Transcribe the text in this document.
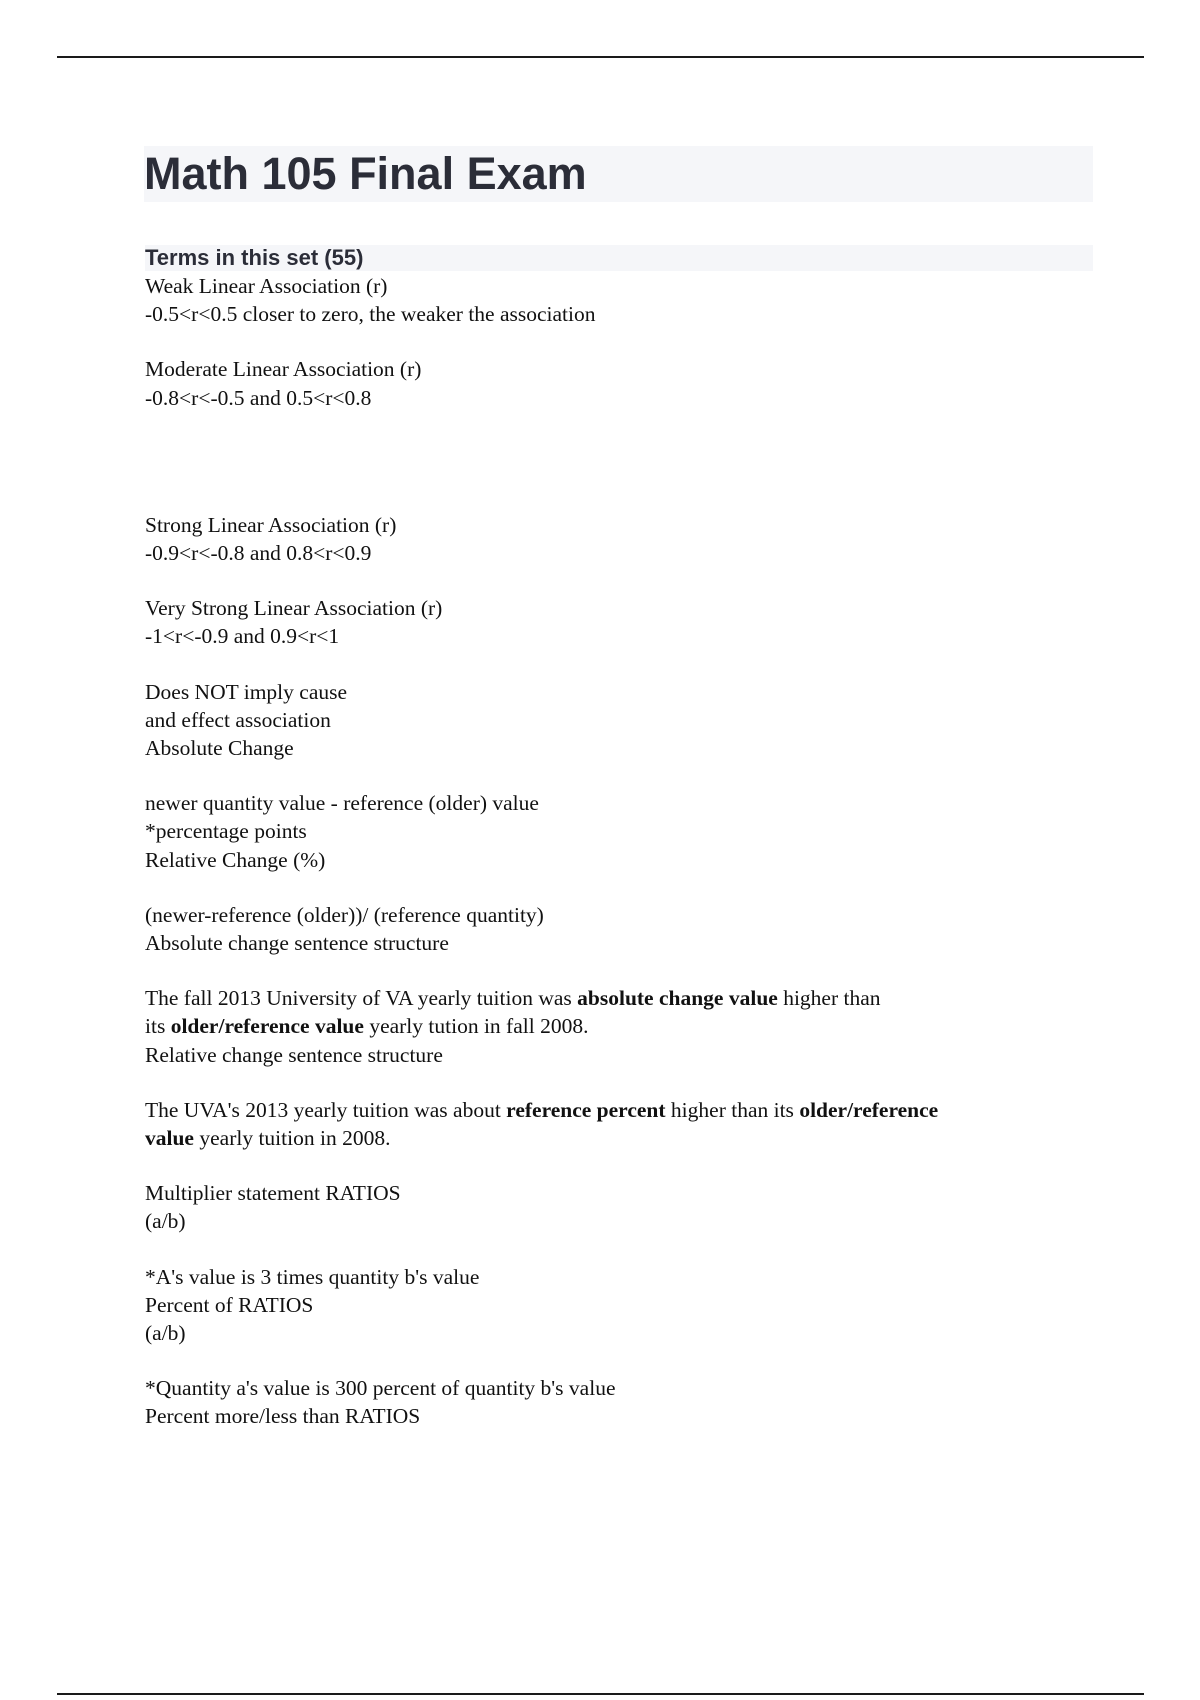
Math 105 Final Exam
Terms in this set (55)
Weak Linear Association (r)
-0.5<r<0.5 closer to zero, the weaker the association
Moderate Linear Association (r)
-0.8<r<-0.5 and 0.5<r<0.8
Strong Linear Association (r)
-0.9<r<-0.8 and 0.8<r<0.9
Very Strong Linear Association (r)
-1<r<-0.9 and 0.9<r<1
Does NOT imply cause
and effect association
Absolute Change
newer quantity value - reference (older) value
*percentage points
Relative Change (%)
(newer-reference (older))/ (reference quantity)
Absolute change sentence structure
The fall 2013 University of VA yearly tuition was absolute change value higher than
its older/reference value yearly tution in fall 2008.
Relative change sentence structure
The UVA's 2013 yearly tuition was about reference percent higher than its older/reference
value yearly tuition in 2008.
Multiplier statement RATIOS
(a/b)
*A's value is 3 times quantity b's value
Percent of RATIOS
(a/b)
*Quantity a's value is 300 percent of quantity b's value
Percent more/less than RATIOS
